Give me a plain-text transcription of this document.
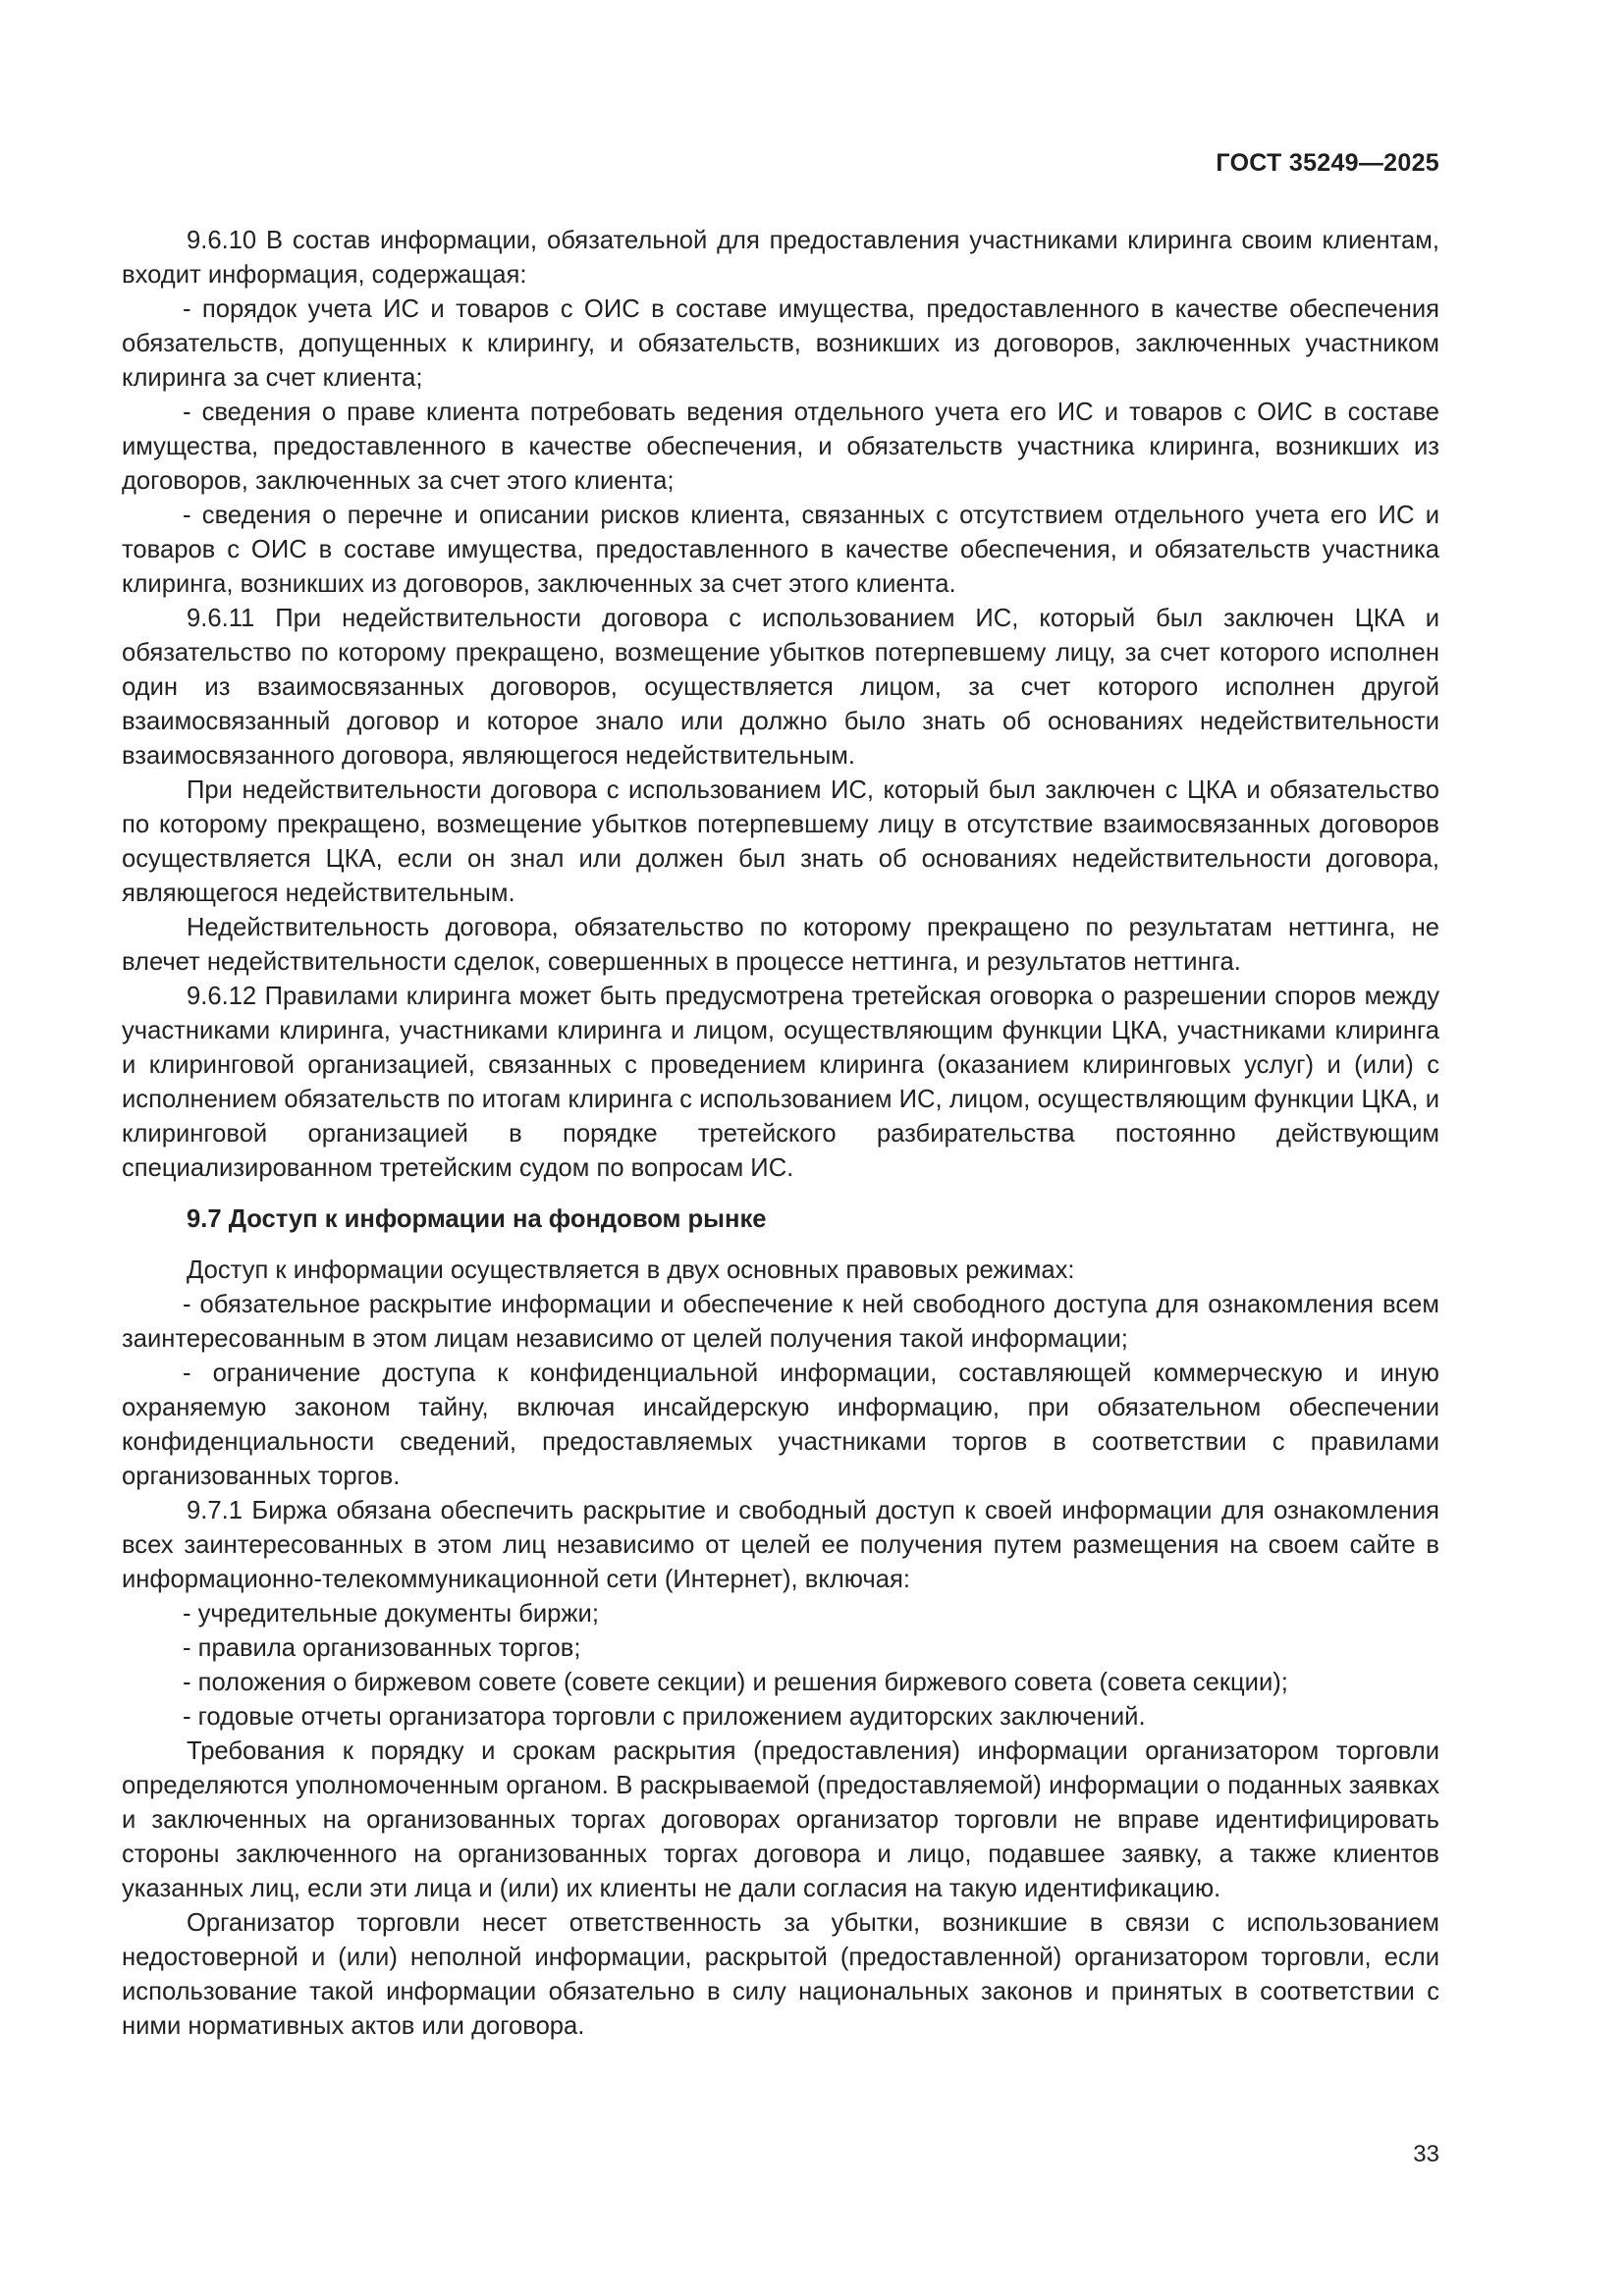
ГОСТ 35249—2025

9.6.10 В состав информации, обязательной для предоставления участниками клиринга своим клиентам, входит информация, содержащая:

- порядок учета ИС и товаров с ОИС в составе имущества, предоставленного в качестве обеспечения обязательств, допущенных к клирингу, и обязательств, возникших из договоров, заключенных участником клиринга за счет клиента;

- сведения о праве клиента потребовать ведения отдельного учета его ИС и товаров с ОИС в составе имущества, предоставленного в качестве обеспечения, и обязательств участника клиринга, возникших из договоров, заключенных за счет этого клиента;

- сведения о перечне и описании рисков клиента, связанных с отсутствием отдельного учета его ИС и товаров с ОИС в составе имущества, предоставленного в качестве обеспечения, и обязательств участника клиринга, возникших из договоров, заключенных за счет этого клиента.

9.6.11 При недействительности договора с использованием ИС, который был заключен ЦКА и обязательство по которому прекращено, возмещение убытков потерпевшему лицу, за счет которого исполнен один из взаимосвязанных договоров, осуществляется лицом, за счет которого исполнен другой взаимосвязанный договор и которое знало или должно было знать об основаниях недействительности взаимосвязанного договора, являющегося недействительным.

При недействительности договора с использованием ИС, который был заключен с ЦКА и обязательство по которому прекращено, возмещение убытков потерпевшему лицу в отсутствие взаимосвязанных договоров осуществляется ЦКА, если он знал или должен был знать об основаниях недействительности договора, являющегося недействительным.

Недействительность договора, обязательство по которому прекращено по результатам неттинга, не влечет недействительности сделок, совершенных в процессе неттинга, и результатов неттинга.

9.6.12 Правилами клиринга может быть предусмотрена третейская оговорка о разрешении споров между участниками клиринга, участниками клиринга и лицом, осуществляющим функции ЦКА, участниками клиринга и клиринговой организацией, связанных с проведением клиринга (оказанием клиринговых услуг) и (или) с исполнением обязательств по итогам клиринга с использованием ИС, лицом, осуществляющим функции ЦКА, и клиринговой организацией в порядке третейского разбирательства постоянно действующим специализированном третейским судом по вопросам ИС.

9.7 Доступ к информации на фондовом рынке

Доступ к информации осуществляется в двух основных правовых режимах:

- обязательное раскрытие информации и обеспечение к ней свободного доступа для ознакомления всем заинтересованным в этом лицам независимо от целей получения такой информации;

- ограничение доступа к конфиденциальной информации, составляющей коммерческую и иную охраняемую законом тайну, включая инсайдерскую информацию, при обязательном обеспечении конфиденциальности сведений, предоставляемых участниками торгов в соответствии с правилами организованных торгов.

9.7.1 Биржа обязана обеспечить раскрытие и свободный доступ к своей информации для ознакомления всех заинтересованных в этом лиц независимо от целей ее получения путем размещения на своем сайте в информационно-телекоммуникационной сети (Интернет), включая:

- учредительные документы биржи;

- правила организованных торгов;

- положения о биржевом совете (совете секции) и решения биржевого совета (совета секции);

- годовые отчеты организатора торговли с приложением аудиторских заключений.

Требования к порядку и срокам раскрытия (предоставления) информации организатором торговли определяются уполномоченным органом. В раскрываемой (предоставляемой) информации о поданных заявках и заключенных на организованных торгах договорах организатор торговли не вправе идентифицировать стороны заключенного на организованных торгах договора и лицо, подавшее заявку, а также клиентов указанных лиц, если эти лица и (или) их клиенты не дали согласия на такую идентификацию.

Организатор торговли несет ответственность за убытки, возникшие в связи с использованием недостоверной и (или) неполной информации, раскрытой (предоставленной) организатором торговли, если использование такой информации обязательно в силу национальных законов и принятых в соответствии с ними нормативных актов или договора.

33
